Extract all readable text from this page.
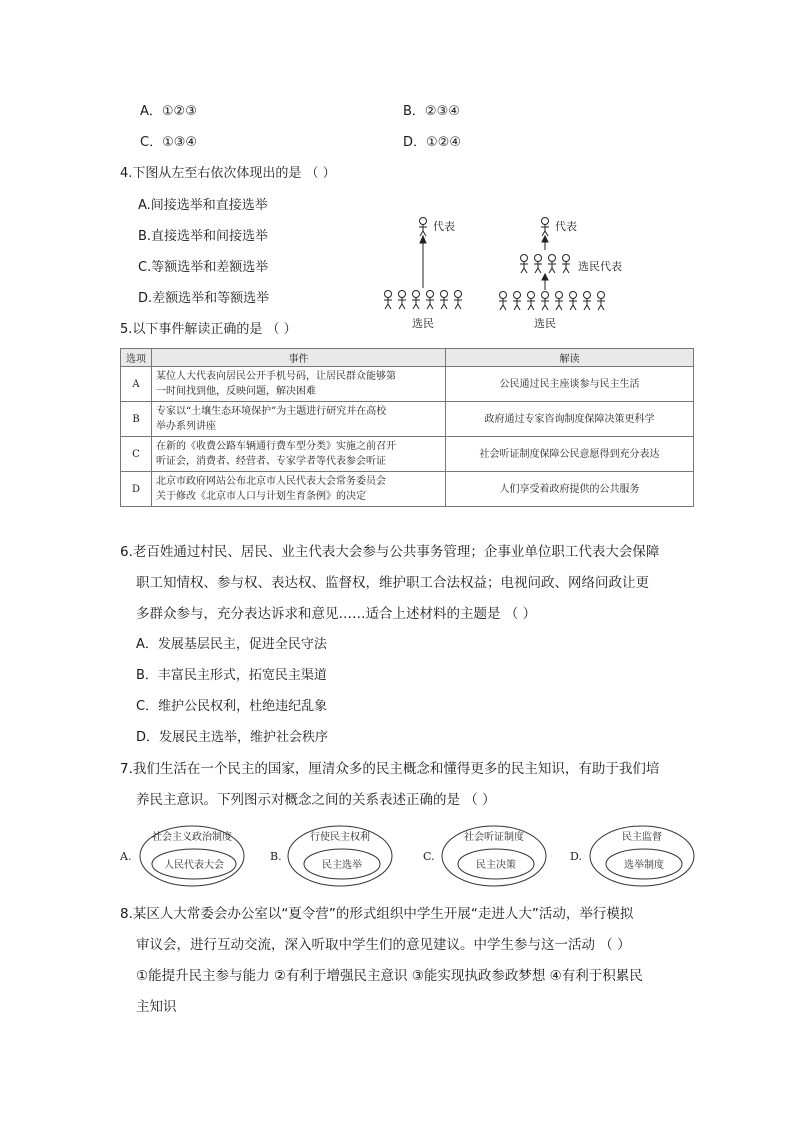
A．①②③	B．②③④
C．①③④	D．①②④
4.下图从左至右依次体现出的是 （ ）
A.间接选举和直接选举
B.直接选举和间接选举
C.等额选举和差额选举
D.差额选举和等额选举
代表
选民
代表
选民代表
选民
5.以下事件解读正确的是 （ ）
选项	事件	解读
A	某位人大代表向居民公开手机号码，让居民群众能够第
一时间找到他，反映问题，解决困难	公民通过民主座谈参与民主生活
B	专家以“土壤生态环境保护”为主题进行研究并在高校
举办系列讲座	政府通过专家咨询制度保障决策更科学
C	在新的《收费公路车辆通行费车型分类》实施之前召开
听证会，消费者、经营者、专家学者等代表参会听证	社会听证制度保障公民意愿得到充分表达
D	北京市政府网站公布北京市人民代表大会常务委员会
关于修改《北京市人口与计划生育条例》的决定	人们享受着政府提供的公共服务
6.老百姓通过村民、居民、业主代表大会参与公共事务管理；企事业单位职工代表大会保障
职工知情权、参与权、表达权、监督权，维护职工合法权益；电视问政、网络问政让更
多群众参与，充分表达诉求和意见……适合上述材料的主题是 （ ）
A．发展基层民主，促进全民守法
B．丰富民主形式，拓宽民主渠道
C．维护公民权利，杜绝违纪乱象
D．发展民主选举，维护社会秩序
7.我们生活在一个民主的国家，厘清众多的民主概念和懂得更多的民主知识，有助于我们培
养民主意识。下列图示对概念之间的关系表述正确的是 （ ）
A.
社会主义政治制度
人民代表大会
B.
行使民主权利
民主选举
C.
社会听证制度
民主决策
D.
民主监督
选举制度
8.某区人大常委会办公室以“夏令营”的形式组织中学生开展“走进人大”活动，举行模拟
审议会，进行互动交流，深入听取中学生们的意见建议。中学生参与这一活动 （ ）
①能提升民主参与能力 ②有利于增强民主意识 ③能实现执政参政梦想 ④有利于积累民
主知识
